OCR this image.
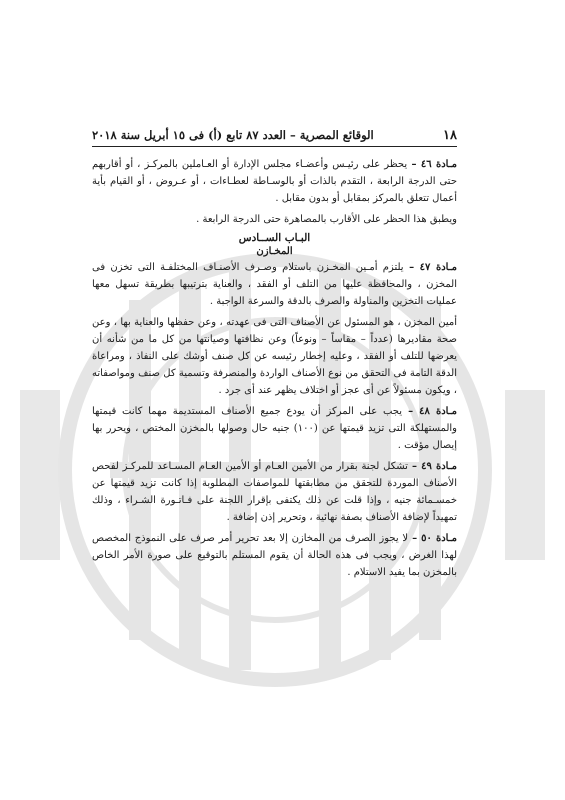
١٨
الوقائع المصرية – العدد ٨٧ تابع (أ) فى ١٥ أبريل سنة ٢٠١٨

مـادة ٤٦ – يحظر على رئيـس وأعضـاء مجلس الإدارة أو العـاملين بالمركـز ، أو أقاربهم حتى الدرجة الرابعة ، التقدم بالذات أو بالوسـاطة لعطـاءات ، أو عـروض ، أو القيام بأية أعمال تتعلق بالمركز بمقابل أو بدون مقابل .

ويطبق هذا الحظر على الأقارب بالمصاهرة حتى الدرجة الرابعة .

البـاب الســادس
المخـازن

مـادة ٤٧ – يلتزم أمـين المخـزن باستلام وصـرف الأصنـاف المختلفـة التى تخزن فى المخزن ، والمحافظة عليها من التلف أو الفقد ، والعناية بترتيبها بطريقة تسهل معها عمليات التخزين والمناولة والصرف بالدقة والسرعة الواجبة .

أمين المخزن ، هو المسئول عن الأصناف التى فى عهدته ، وعن حفظها والعناية بها ، وعن صحة مقاديرها (عدداً – مقاساً – ونوعاً) وعن نظافتها وصيانتها من كل ما من شأنه أن يعرضها للتلف أو الفقد ، وعليه إخطار رئيسه عن كل صنف أوشك على النفاذ ، ومراعاة الدقة التامة فى التحقق من نوع الأصناف الواردة والمنصرفة وتسمية كل صنف ومواصفاته ، ويكون مسئولاً عن أى عجز أو اختلاف يظهر عند أى جرد .

مـادة ٤٨ – يجب على المركز أن يودع جميع الأصناف المستديمة مهما كانت قيمتها والمستهلكة التى تزيد قيمتها عن (١٠٠) جنيه حال وصولها بالمخزن المختص ، ويحرر بها إيصال مؤقت .

مـادة ٤٩ – تشكل لجنة بقرار من الأمين العـام أو الأمين العـام المسـاعد للمركـز لفحص الأصناف الموردة للتحقق من مطابقتها للمواصفات المطلوبة إذا كانت تزيد قيمتها عن خمسـمائة جنيه ، وإذا قلت عن ذلك يكتفى بإقرار اللجنة على فـاتـورة الشـراء ، وذلك تمهيداً لإضافة الأصناف بصفة نهائية ، وتحرير إذن إضافة .

مـادة ٥٠ – لا يجوز الصرف من المخازن إلا بعد تحرير أمر صرف على النموذج المخصص لهذا الغرض ، ويجب فى هذه الحالة أن يقوم المستلم بالتوقيع على صورة الأمر الخاص بالمخزن بما يفيد الاستلام .
